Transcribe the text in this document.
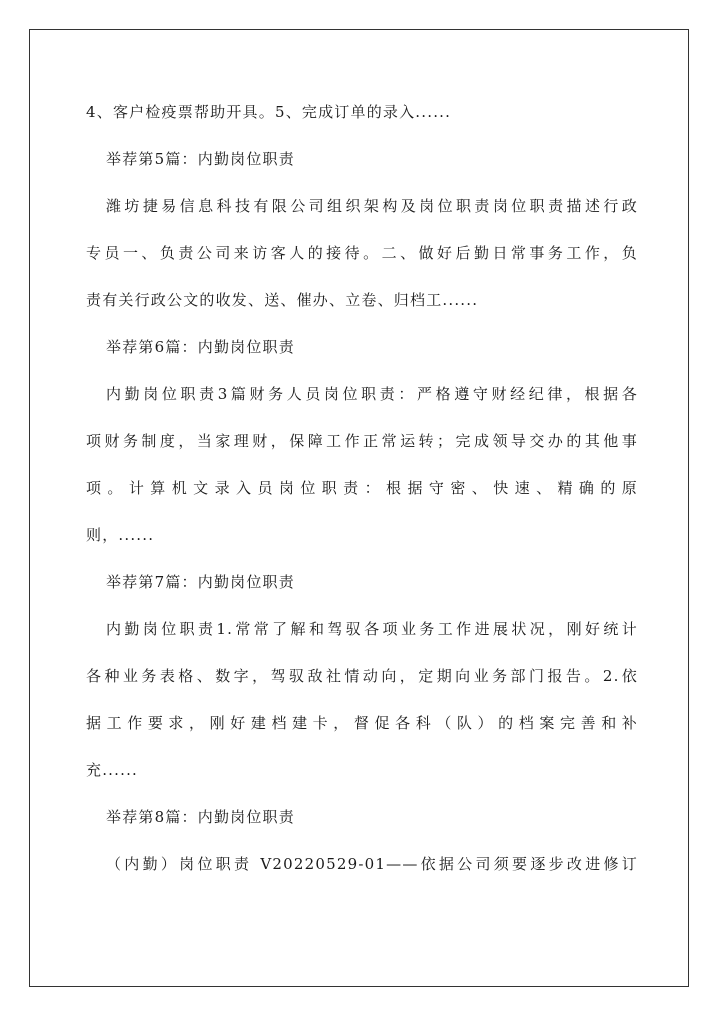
4、客户检疫票帮助开具。5、完成订单的录入......
举荐第5篇：内勤岗位职责
潍坊捷易信息科技有限公司组织架构及岗位职责岗位职责描述行政
专员一、负责公司来访客人的接待。二、做好后勤日常事务工作，负
责有关行政公文的收发、送、催办、立卷、归档工......
举荐第6篇：内勤岗位职责
内勤岗位职责3篇财务人员岗位职责：严格遵守财经纪律，根据各
项财务制度，当家理财，保障工作正常运转；完成领导交办的其他事
项。计算机文录入员岗位职责：根据守密、快速、精确的原
则，......
举荐第7篇：内勤岗位职责
内勤岗位职责1.常常了解和驾驭各项业务工作进展状况，刚好统计
各种业务表格、数字，驾驭敌社情动向，定期向业务部门报告。2.依
据工作要求，刚好建档建卡，督促各科（队）的档案完善和补
充......
举荐第8篇：内勤岗位职责
（内勤）岗位职责 V20220529-01——依据公司须要逐步改进修订
